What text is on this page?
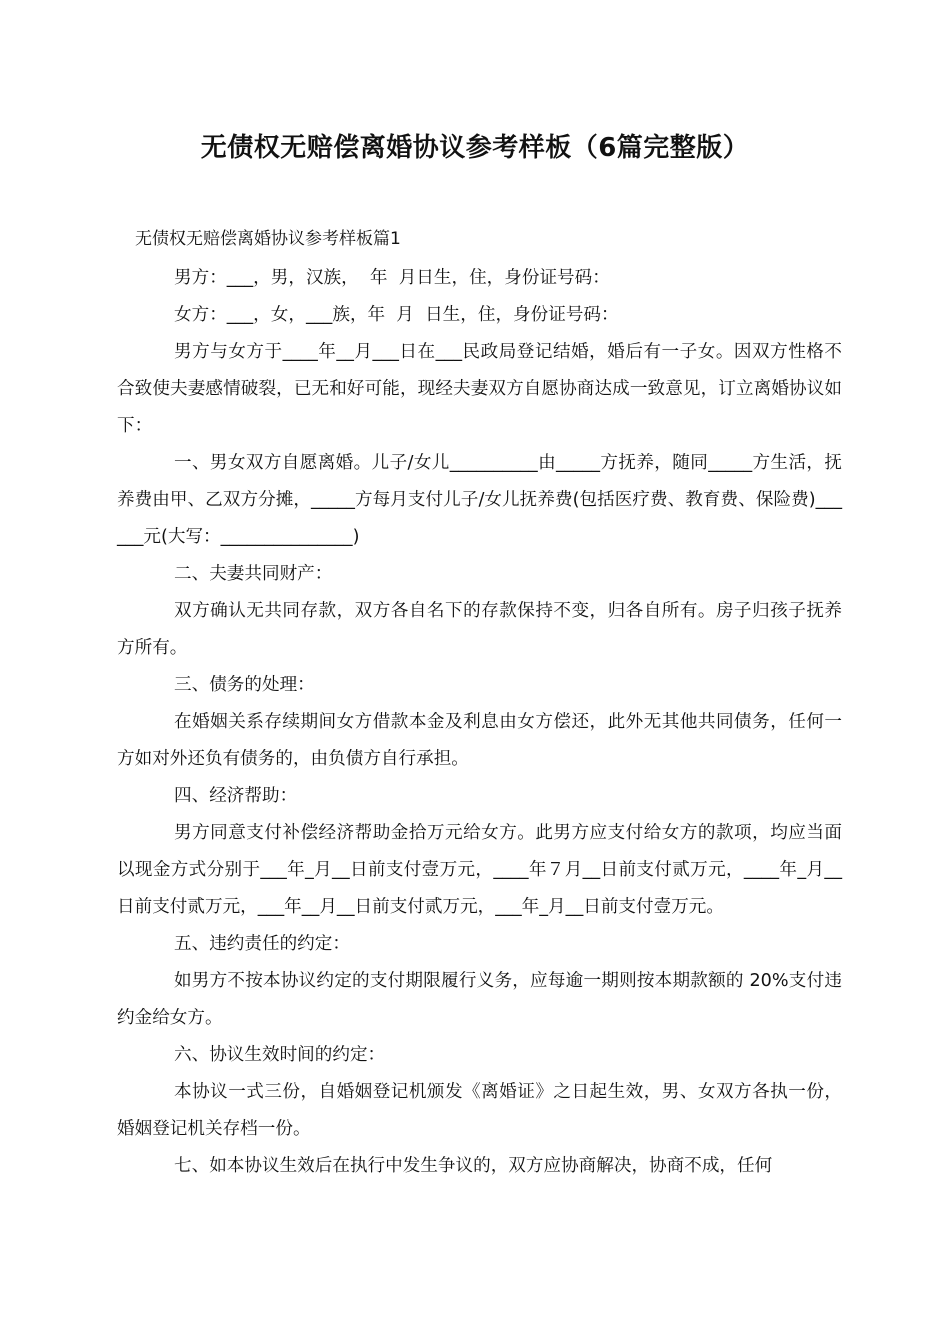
无债权无赔偿离婚协议参考样板（6篇完整版）
无债权无赔偿离婚协议参考样板篇1

男方：___，男，汉族，  年  月日生，住，身份证号码：

女方：___，女，___族，年  月  日生，住，身份证号码：

男方与女方于____年__月___日在___民政局登记结婚，婚后有一子女。因双方性格不合致使夫妻感情破裂，已无和好可能，现经夫妻双方自愿协商达成一致意见，订立离婚协议如下：

一、男女双方自愿离婚。儿子/女儿__________由_____方抚养，随同_____方生活，抚养费由甲、乙双方分摊，_____方每月支付儿子/女儿抚养费(包括医疗费、教育费、保险费)______元(大写：_______________)

二、夫妻共同财产：

双方确认无共同存款，双方各自名下的存款保持不变，归各自所有。房子归孩子抚养方所有。

三、债务的处理：

在婚姻关系存续期间女方借款本金及利息由女方偿还，此外无其他共同债务，任何一方如对外还负有债务的，由负债方自行承担。

四、经济帮助：

男方同意支付补偿经济帮助金拾万元给女方。此男方应支付给女方的款项，均应当面以现金方式分别于___年_月__日前支付壹万元，____年７月__日前支付贰万元，____年_月__日前支付贰万元，___年__月__日前支付贰万元，___年_月__日前支付壹万元。

五、违约责任的约定：

如男方不按本协议约定的支付期限履行义务，应每逾一期则按本期款额的 20%支付违约金给女方。

六、协议生效时间的约定：

本协议一式三份，自婚姻登记机颁发《离婚证》之日起生效，男、女双方各执一份，婚姻登记机关存档一份。

七、如本协议生效后在执行中发生争议的，双方应协商解决，协商不成，任何
